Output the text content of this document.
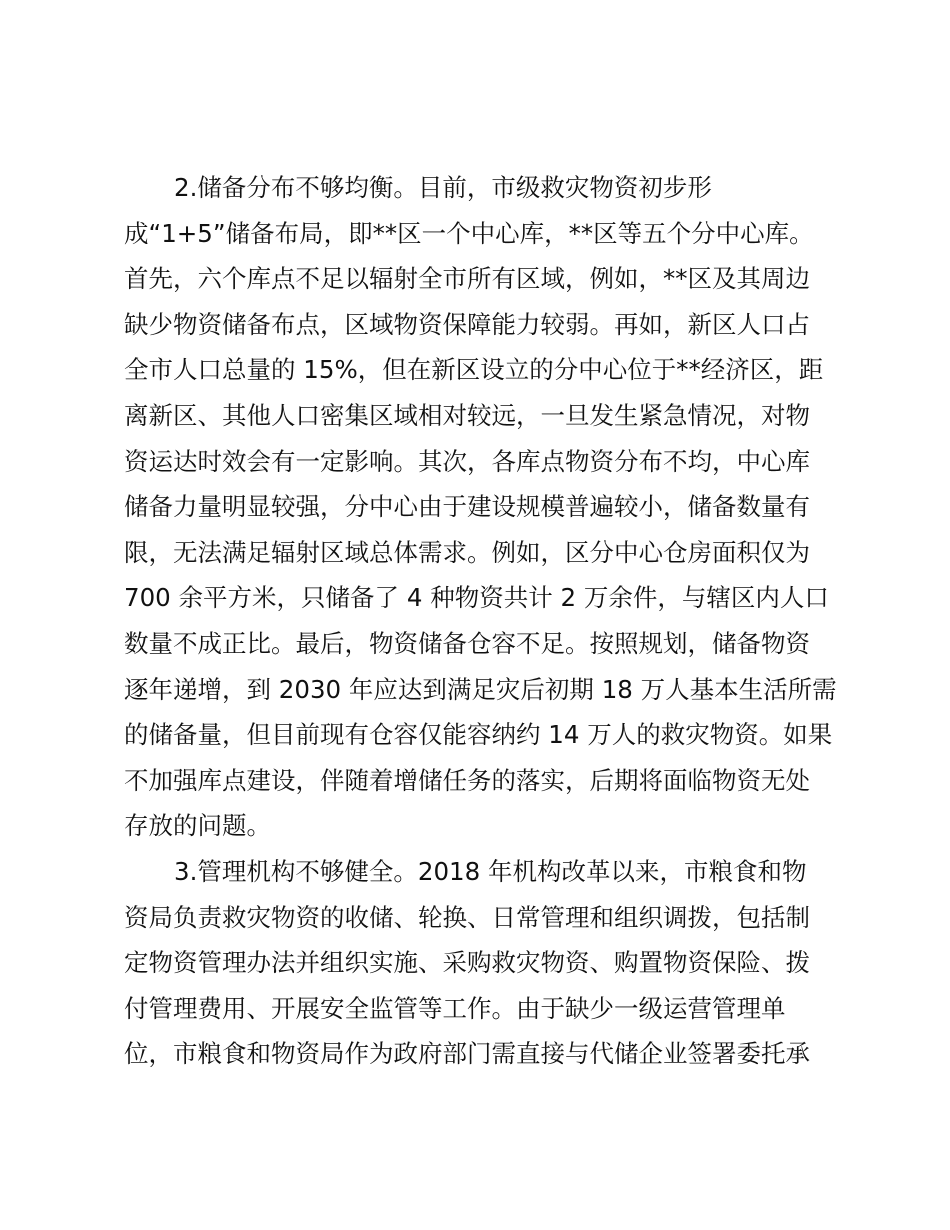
2.储备分布不够均衡。目前，市级救灾物资初步形
成“1+5”储备布局，即**区一个中心库，**区等五个分中心库。
首先，六个库点不足以辐射全市所有区域，例如，**区及其周边
缺少物资储备布点，区域物资保障能力较弱。再如，新区人口占
全市人口总量的 15%，但在新区设立的分中心位于**经济区，距
离新区、其他人口密集区域相对较远，一旦发生紧急情况，对物
资运达时效会有一定影响。其次，各库点物资分布不均，中心库
储备力量明显较强，分中心由于建设规模普遍较小，储备数量有
限，无法满足辐射区域总体需求。例如，区分中心仓房面积仅为
700 余平方米，只储备了 4 种物资共计 2 万余件，与辖区内人口
数量不成正比。最后，物资储备仓容不足。按照规划，储备物资
逐年递增，到 2030 年应达到满足灾后初期 18 万人基本生活所需
的储备量，但目前现有仓容仅能容纳约 14 万人的救灾物资。如果
不加强库点建设，伴随着增储任务的落实，后期将面临物资无处
存放的问题。
3.管理机构不够健全。2018 年机构改革以来，市粮食和物
资局负责救灾物资的收储、轮换、日常管理和组织调拨，包括制
定物资管理办法并组织实施、采购救灾物资、购置物资保险、拨
付管理费用、开展安全监管等工作。由于缺少一级运营管理单
位，市粮食和物资局作为政府部门需直接与代储企业签署委托承
